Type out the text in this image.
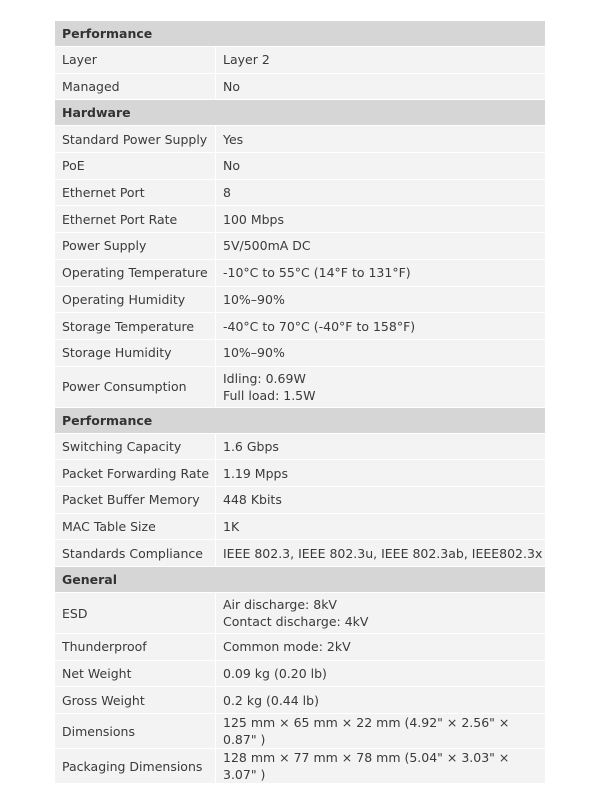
Performance	
Layer	Layer 2

Managed	No

Hardware	
Standard Power Supply	Yes

PoE	No

Ethernet Port	8

Ethernet Port Rate	100 Mbps

Power Supply	5V/500mA DC

Operating Temperature	-10°C to 55°C (14°F to 131°F)

Operating Humidity	10%–90%

Storage Temperature	-40°C to 70°C (-40°F to 158°F)

Storage Humidity	10%–90%

Power Consumption	Idling: 0.69W
Full load: 1.5W

Performance	
Switching Capacity	1.6 Gbps

Packet Forwarding Rate	1.19 Mpps

Packet Buffer Memory	448 Kbits

MAC Table Size	1K

Standards Compliance	IEEE 802.3, IEEE 802.3u, IEEE 802.3ab, IEEE802.3x

General	
ESD	Air discharge: 8kV
Contact discharge: 4kV

Thunderproof	Common mode: 2kV

Net Weight	0.09 kg (0.20 lb)

Gross Weight	0.2 kg (0.44 lb)

Dimensions	125 mm × 65 mm × 22 mm (4.92" × 2.56" × 0.87" )

Packaging Dimensions	128 mm × 77 mm × 78 mm (5.04" × 3.03" × 3.07" )
